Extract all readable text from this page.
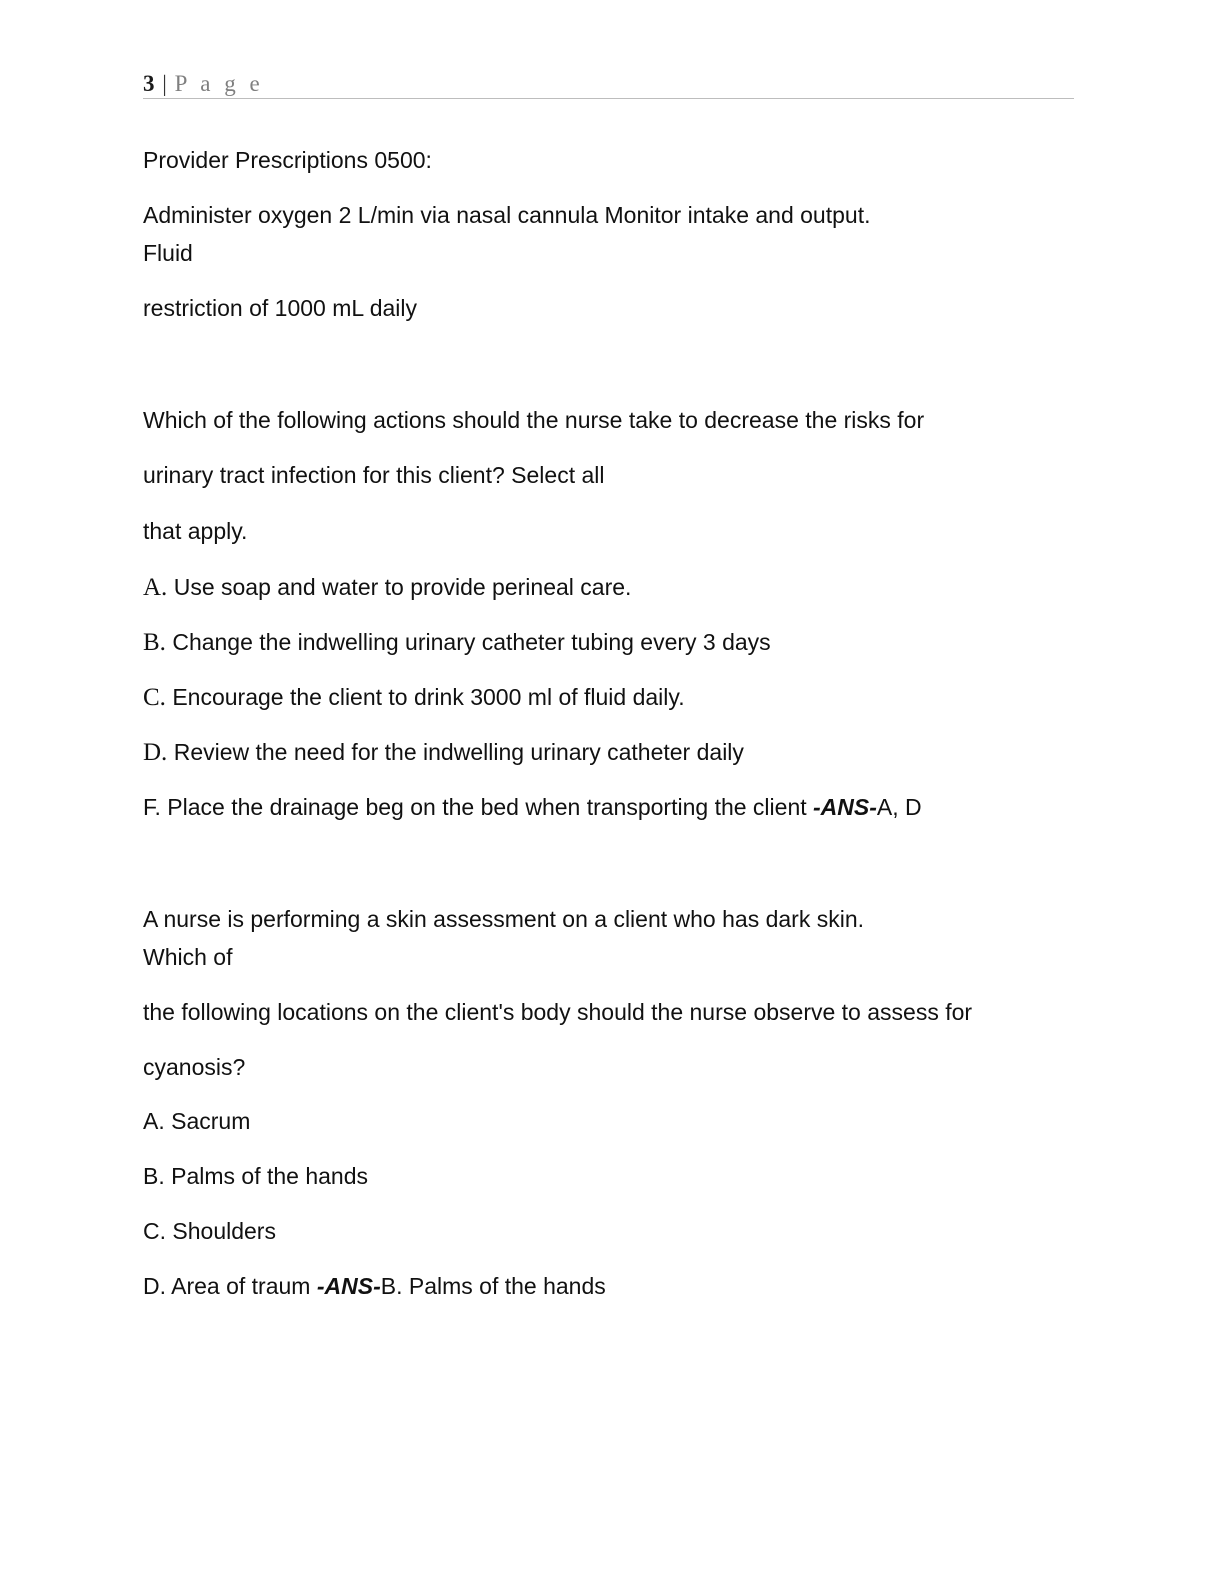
3 | P a g e
Provider Prescriptions 0500:
Administer oxygen 2 L/min via nasal cannula Monitor intake and output.
Fluid
restriction of 1000 mL daily
Which of the following actions should the nurse take to decrease the risks for
urinary tract infection for this client? Select all
that apply.
A. Use soap and water to provide perineal care.
B. Change the indwelling urinary catheter tubing every 3 days
C. Encourage the client to drink 3000 ml of fluid daily.
D. Review the need for the indwelling urinary catheter daily
F. Place the drainage beg on the bed when transporting the client -ANS-A, D
A nurse is performing a skin assessment on a client who has dark skin.
Which of
the following locations on the client's body should the nurse observe to assess for
cyanosis?
A. Sacrum
B. Palms of the hands
C. Shoulders
D. Area of traum -ANS-B. Palms of the hands
